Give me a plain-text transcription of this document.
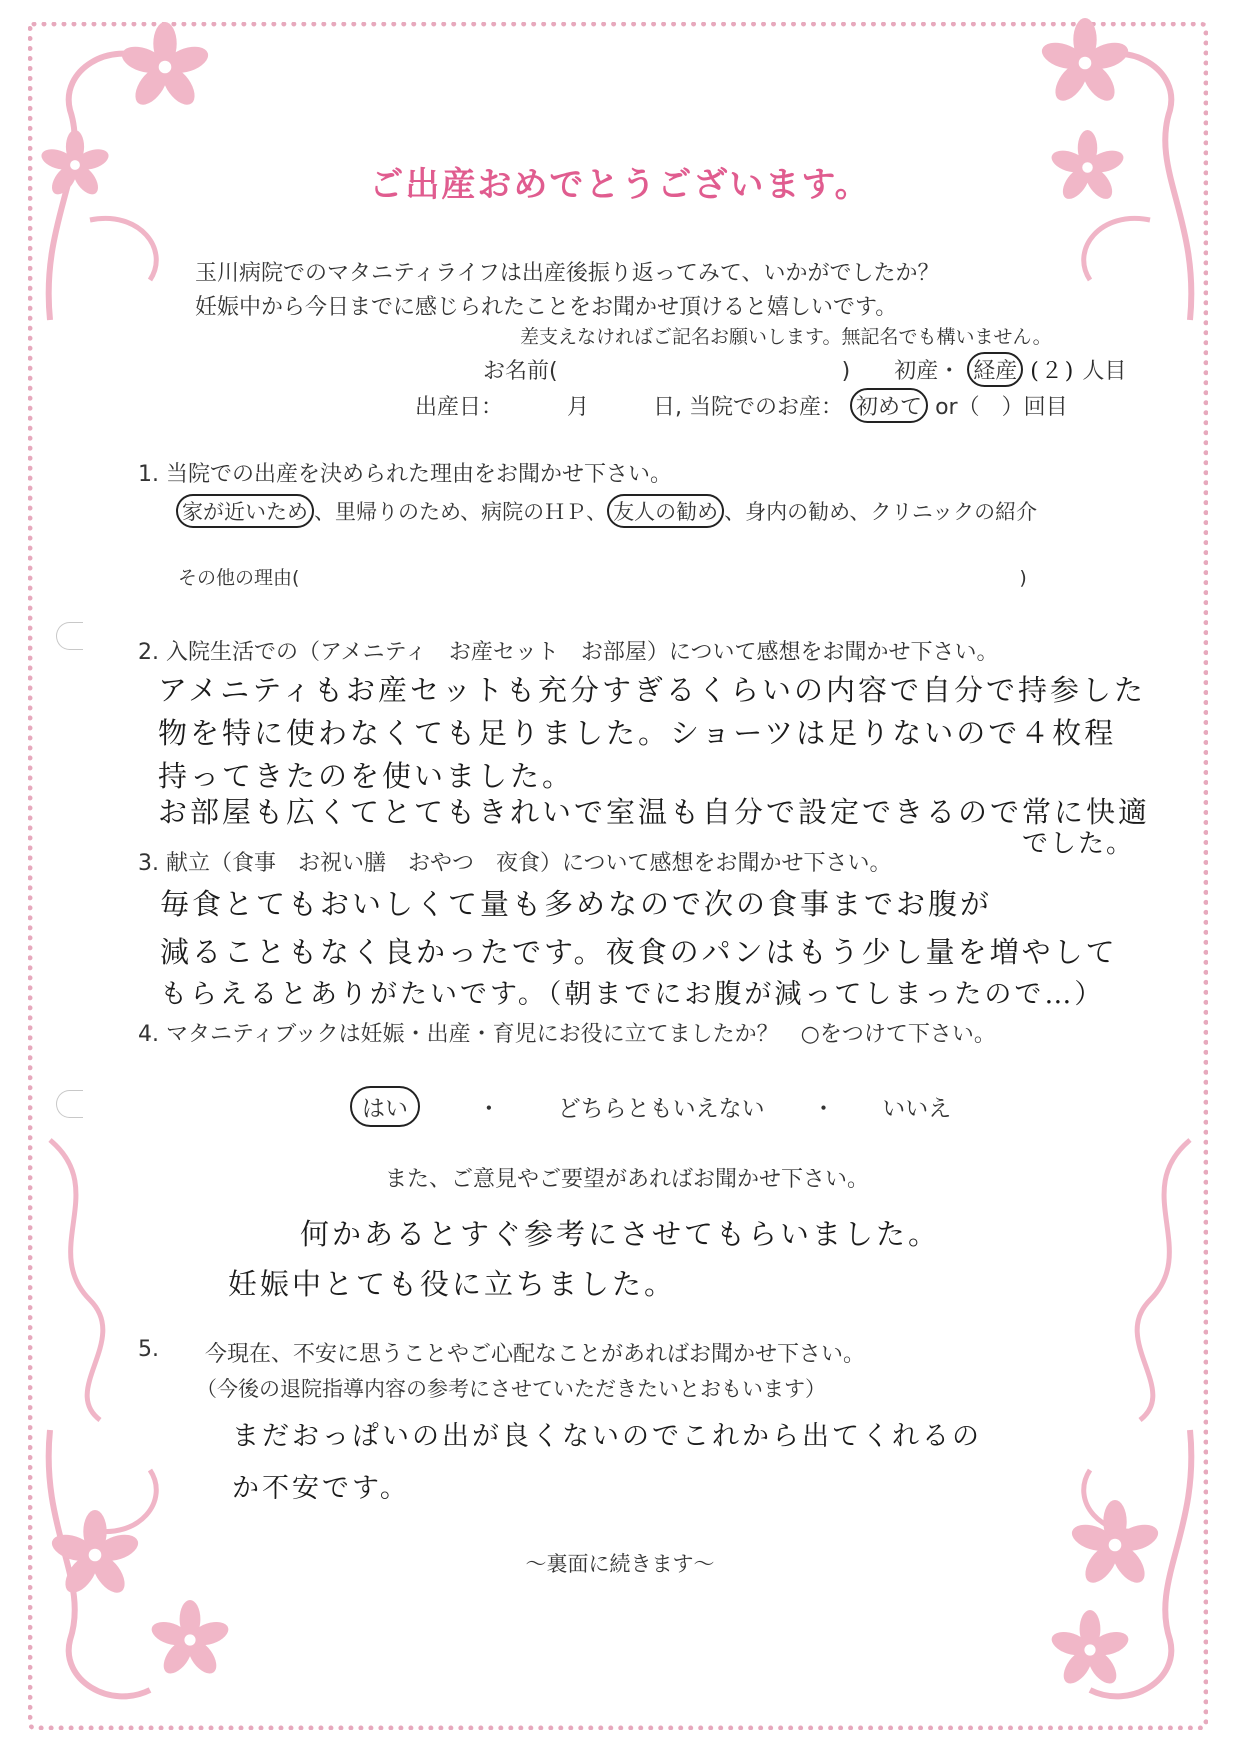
ご出産おめでとうございます。
玉川病院でのマタニティライフは出産後振り返ってみて、いかがでしたか？
妊娠中から今日までに感じられたことをお聞かせ頂けると嬉しいです。
差支えなければご記名お願いします。無記名でも構いません。
お名前(	) 初産・ 経産 (２) 人目
出産日：	月	日, 当院でのお産： 初めて or（　）回目
1. 当院での出産を決められた理由をお聞かせ下さい。
家が近いため 、里帰りのため、病院のＨＰ、 友人の勧め 、身内の勧め、クリニックの紹介
その他の理由(	)
2. 入院生活での（アメニティ　お産セット　お部屋）について感想をお聞かせ下さい。
アメニティもお産セットも充分すぎるくらいの内容で自分で持参した
物を特に使わなくても足りました。ショーツは足りないので４枚程
持ってきたのを使いました。
お部屋も広くてとてもきれいで室温も自分で設定できるので常に快適
でした。
3. 献立（食事　お祝い膳　おやつ　夜食）について感想をお聞かせ下さい。
毎食とてもおいしくて量も多めなので次の食事までお腹が
減ることもなく良かったです。夜食のパンはもう少し量を増やして
もらえるとありがたいです。（朝までにお腹が減ってしまったので…）
4. マタニティブックは妊娠・出産・育児にお役に立てましたか？　○をつけて下さい。
はい	・ どちらともいえない ・ いいえ
また、ご意見やご要望があればお聞かせ下さい。
何かあるとすぐ参考にさせてもらいました。
妊娠中とても役に立ちました。
5. 今現在、不安に思うことやご心配なことがあればお聞かせ下さい。
（今後の退院指導内容の参考にさせていただきたいとおもいます）
まだおっぱいの出が良くないのでこれから出てくれるの
か不安です。
～裏面に続きます～
